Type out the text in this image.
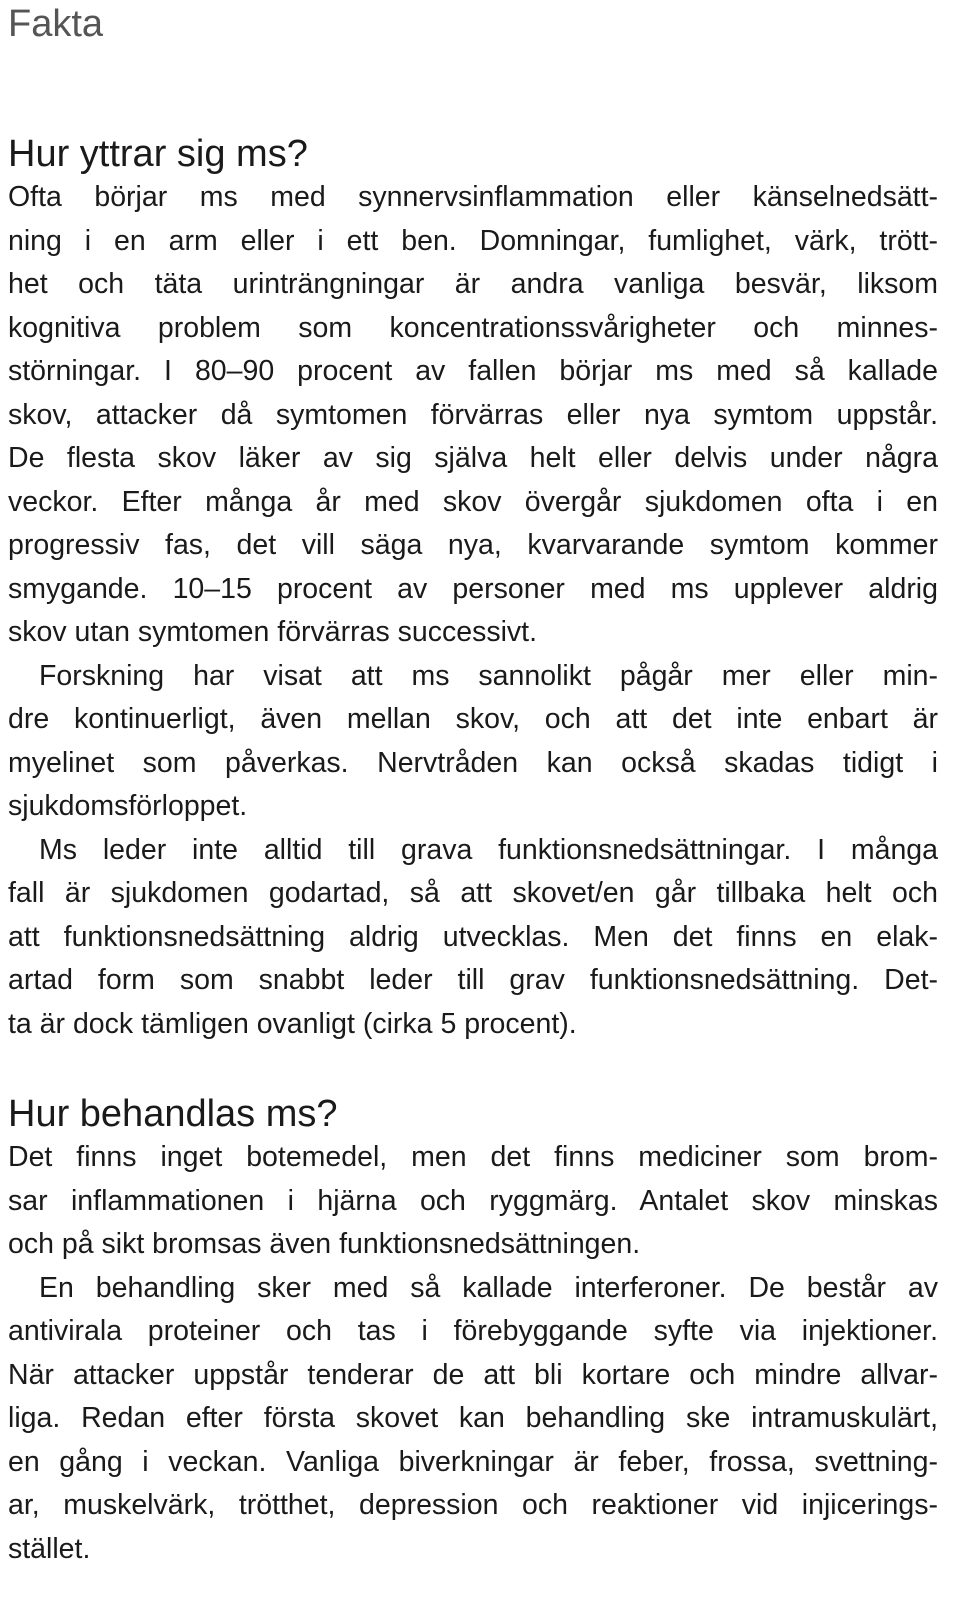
Fakta
Hur yttrar sig ms?

Ofta börjar ms med synnervsinflammation eller känselnedsätt-
ning i en arm eller i ett ben. Domningar, fumlighet, värk, trött-
het och täta urinträngningar är andra vanliga besvär, liksom
kognitiva problem som koncentrationssvårigheter och minnes-
störningar. I 80–90 procent av fallen börjar ms med så kallade
skov, attacker då symtomen förvärras eller nya symtom uppstår.
De flesta skov läker av sig själva helt eller delvis under några
veckor. Efter många år med skov övergår sjukdomen ofta i en
progressiv fas, det vill säga nya, kvarvarande symtom kommer
smygande. 10–15 procent av personer med ms upplever aldrig
skov utan symtomen förvärras successivt.

Forskning har visat att ms sannolikt pågår mer eller min-
dre kontinuerligt, även mellan skov, och att det inte enbart är
myelinet som påverkas. Nervtråden kan också skadas tidigt i
sjukdomsförloppet.

Ms leder inte alltid till grava funktionsnedsättningar. I många
fall är sjukdomen godartad, så att skovet/en går tillbaka helt och
att funktionsnedsättning aldrig utvecklas. Men det finns en elak-
artad form som snabbt leder till grav funktionsnedsättning. Det-
ta är dock tämligen ovanligt (cirka 5 procent).

Hur behandlas ms?

Det finns inget botemedel, men det finns mediciner som brom-
sar inflammationen i hjärna och ryggmärg. Antalet skov minskas
och på sikt bromsas även funktionsnedsättningen.

En behandling sker med så kallade interferoner. De består av
antivirala proteiner och tas i förebyggande syfte via injektioner.
När attacker uppstår tenderar de att bli kortare och mindre allvar-
liga. Redan efter första skovet kan behandling ske intramuskulärt,
en gång i veckan. Vanliga biverkningar är feber, frossa, svettning-
ar, muskelvärk, trötthet, depression och reaktioner vid injicerings-
stället.
